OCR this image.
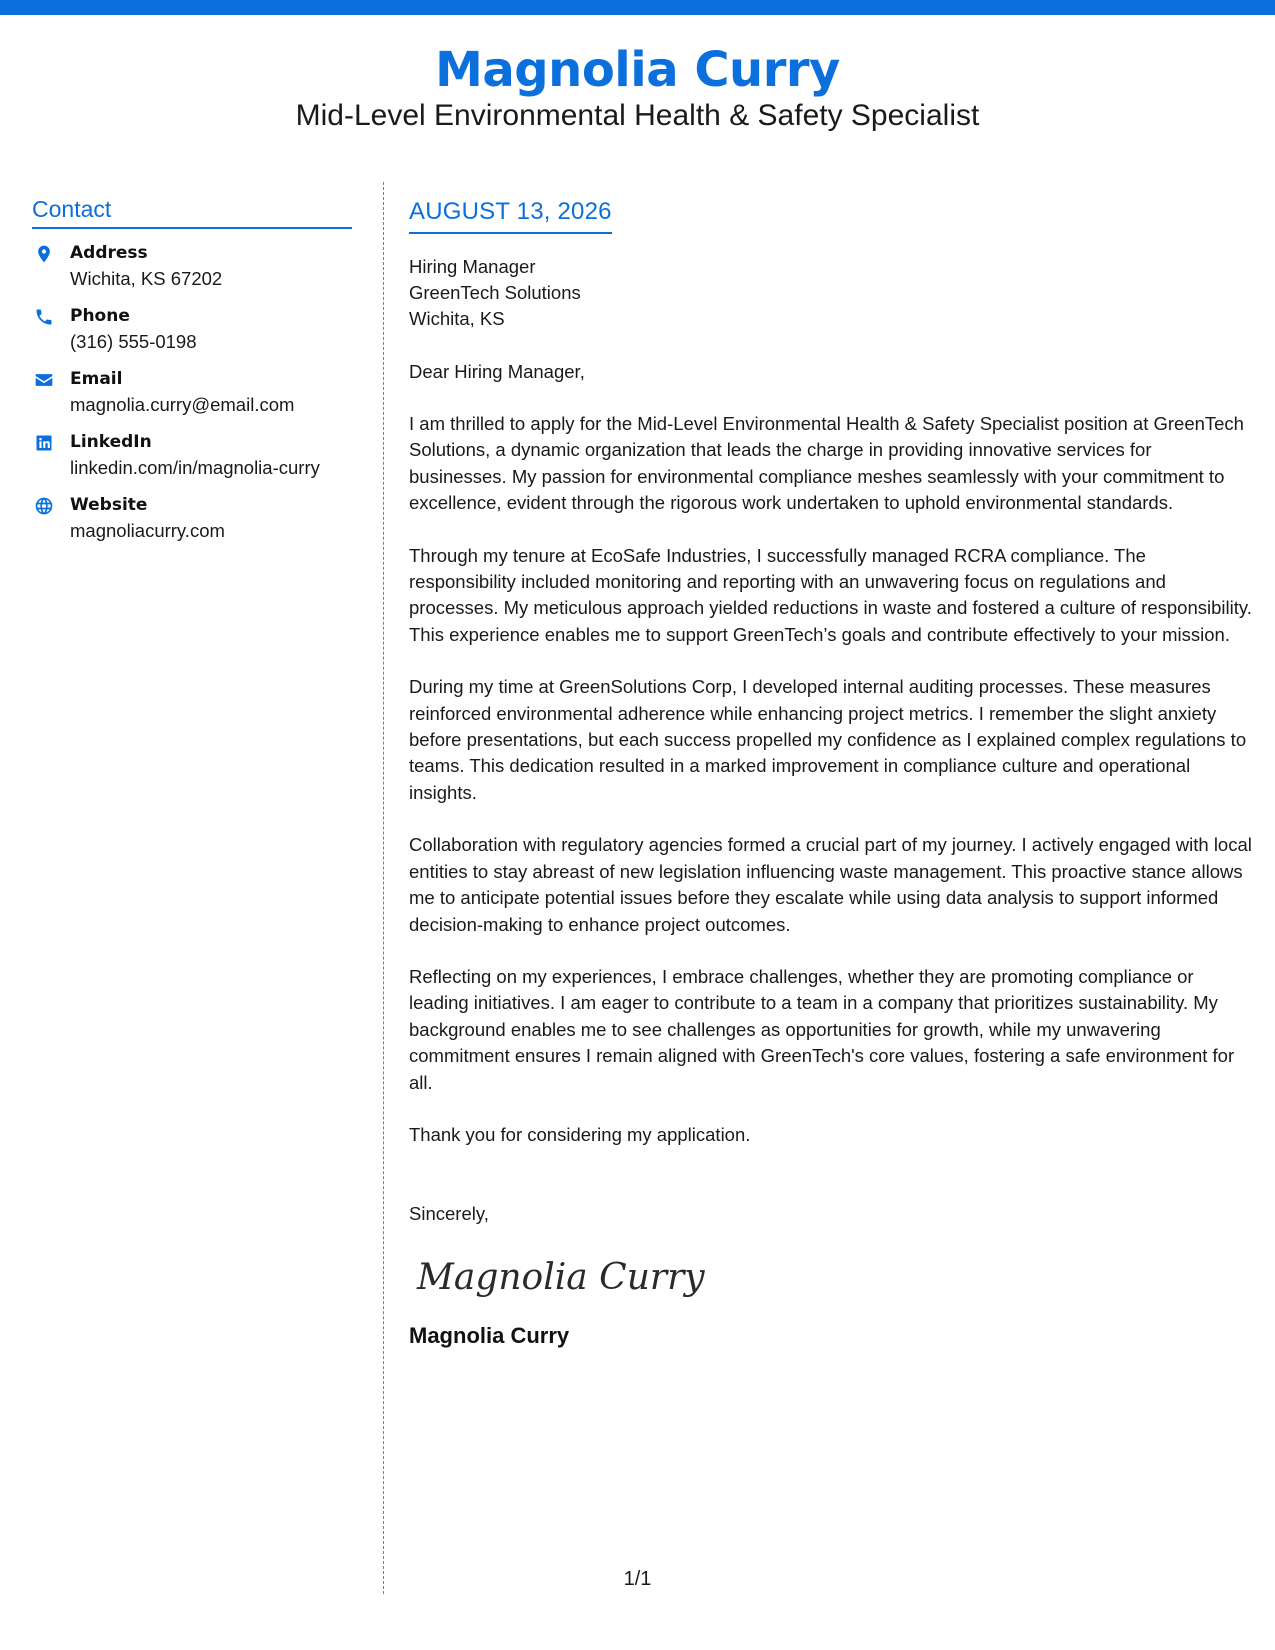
Magnolia Curry
Mid-Level Environmental Health & Safety Specialist
Contact
Address
Wichita, KS 67202
Phone
(316) 555-0198
Email
magnolia.curry@email.com
LinkedIn
linkedin.com/in/magnolia-curry
Website
magnoliacurry.com
AUGUST 13, 2026
Hiring Manager
GreenTech Solutions
Wichita, KS
Dear Hiring Manager,
I am thrilled to apply for the Mid-Level Environmental Health & Safety Specialist position at GreenTech Solutions, a dynamic organization that leads the charge in providing innovative services for businesses. My passion for environmental compliance meshes seamlessly with your commitment to excellence, evident through the rigorous work undertaken to uphold environmental standards.
Through my tenure at EcoSafe Industries, I successfully managed RCRA compliance. The responsibility included monitoring and reporting with an unwavering focus on regulations and processes. My meticulous approach yielded reductions in waste and fostered a culture of responsibility. This experience enables me to support GreenTech’s goals and contribute effectively to your mission.
During my time at GreenSolutions Corp, I developed internal auditing processes. These measures reinforced environmental adherence while enhancing project metrics. I remember the slight anxiety before presentations, but each success propelled my confidence as I explained complex regulations to teams. This dedication resulted in a marked improvement in compliance culture and operational insights.
Collaboration with regulatory agencies formed a crucial part of my journey. I actively engaged with local entities to stay abreast of new legislation influencing waste management. This proactive stance allows me to anticipate potential issues before they escalate while using data analysis to support informed decision-making to enhance project outcomes.
Reflecting on my experiences, I embrace challenges, whether they are promoting compliance or leading initiatives. I am eager to contribute to a team in a company that prioritizes sustainability. My background enables me to see challenges as opportunities for growth, while my unwavering commitment ensures I remain aligned with GreenTech's core values, fostering a safe environment for all.
Thank you for considering my application.
Sincerely,
Magnolia Curry
Magnolia Curry
1/1
